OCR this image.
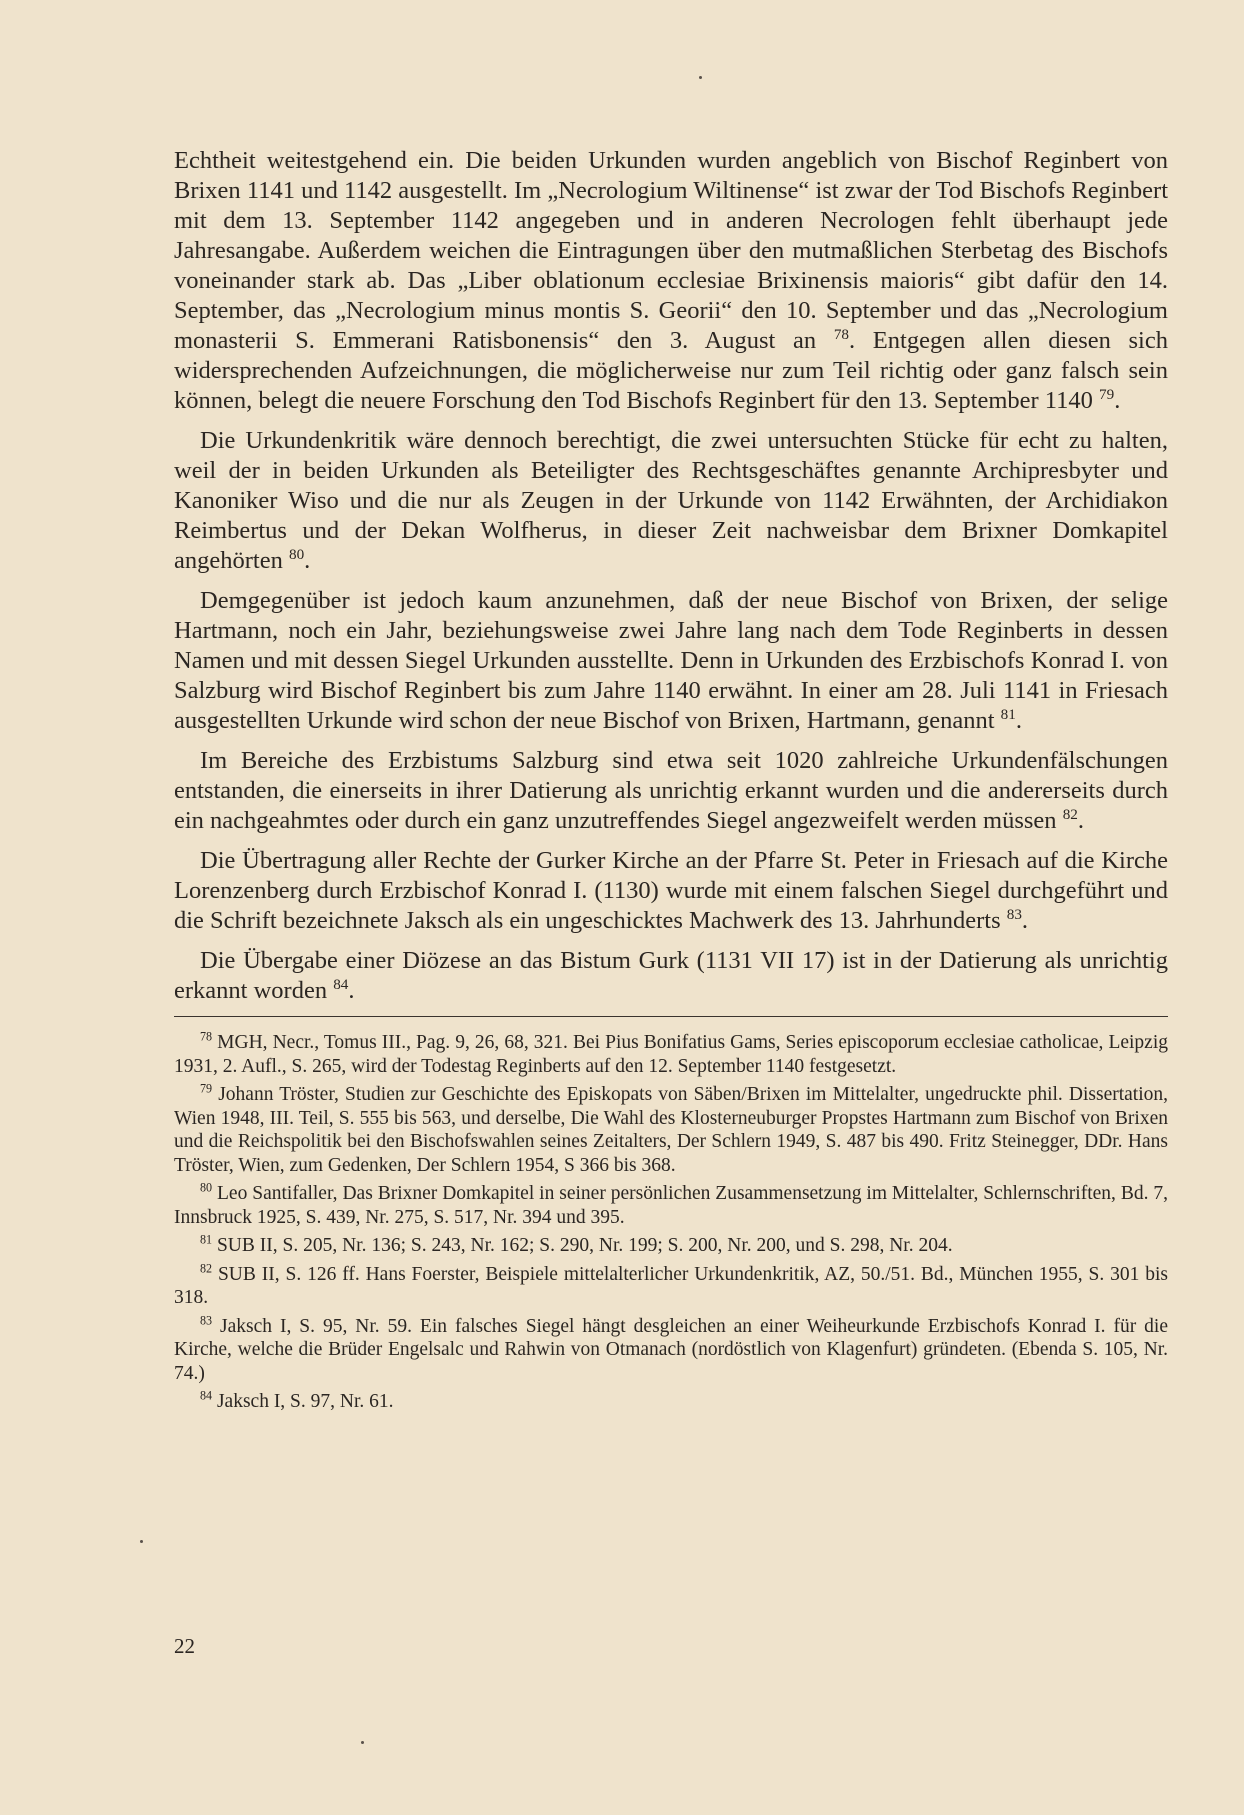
Echtheit weitestgehend ein. Die beiden Urkunden wurden angeblich von Bischof Reginbert von Brixen 1141 und 1142 ausgestellt. Im „Necrologium Wiltinense“ ist zwar der Tod Bischofs Reginbert mit dem 13. September 1142 angegeben und in anderen Necrologen fehlt überhaupt jede Jahresangabe. Außerdem weichen die Eintragungen über den mutmaßlichen Sterbetag des Bischofs voneinander stark ab. Das „Liber oblationum ecclesiae Brixinensis maioris“ gibt dafür den 14. September, das „Necrologium minus montis S. Georii“ den 10. September und das „Necrologium monasterii S. Emmerani Ratisbonensis“ den 3. August an $^{78}$. Entgegen allen diesen sich widersprechenden Aufzeichnungen, die möglicherweise nur zum Teil richtig oder ganz falsch sein können, belegt die neuere Forschung den Tod Bischofs Reginbert für den 13. September 1140 $^{79}$.

Die Urkundenkritik wäre dennoch berechtigt, die zwei untersuchten Stücke für echt zu halten, weil der in beiden Urkunden als Beteiligter des Rechtsgeschäftes genannte Archipresbyter und Kanoniker Wiso und die nur als Zeugen in der Urkunde von 1142 Erwähnten, der Archidiakon Reimbertus und der Dekan Wolfherus, in dieser Zeit nachweisbar dem Brixner Domkapitel angehörten $^{80}$.

Demgegenüber ist jedoch kaum anzunehmen, daß der neue Bischof von Brixen, der selige Hartmann, noch ein Jahr, beziehungsweise zwei Jahre lang nach dem Tode Reginberts in dessen Namen und mit dessen Siegel Urkunden ausstellte. Denn in Urkunden des Erzbischofs Konrad I. von Salzburg wird Bischof Reginbert bis zum Jahre 1140 erwähnt. In einer am 28. Juli 1141 in Friesach ausgestellten Urkunde wird schon der neue Bischof von Brixen, Hartmann, genannt $^{81}$.

Im Bereiche des Erzbistums Salzburg sind etwa seit 1020 zahlreiche Urkundenfälschungen entstanden, die einerseits in ihrer Datierung als unrichtig erkannt wurden und die andererseits durch ein nachgeahmtes oder durch ein ganz unzutreffendes Siegel angezweifelt werden müssen $^{82}$.

Die Übertragung aller Rechte der Gurker Kirche an der Pfarre St. Peter in Friesach auf die Kirche Lorenzenberg durch Erzbischof Konrad I. (1130) wurde mit einem falschen Siegel durchgeführt und die Schrift bezeichnete Jaksch als ein ungeschicktes Machwerk des 13. Jahrhunderts $^{83}$.

Die Übergabe einer Diözese an das Bistum Gurk (1131 VII 17) ist in der Datierung als unrichtig erkannt worden $^{84}$.

$^{78}$ MGH, Necr., Tomus III., Pag. 9, 26, 68, 321. Bei Pius Bonifatius Gams, Series episcoporum ecclesiae catholicae, Leipzig 1931, 2. Aufl., S. 265, wird der Todestag Reginberts auf den 12. September 1140 festgesetzt.

$^{79}$ Johann Tröster, Studien zur Geschichte des Episkopats von Säben/Brixen im Mittelalter, ungedruckte phil. Dissertation, Wien 1948, III. Teil, S. 555 bis 563, und derselbe, Die Wahl des Klosterneuburger Propstes Hartmann zum Bischof von Brixen und die Reichspolitik bei den Bischofswahlen seines Zeitalters, Der Schlern 1949, S. 487 bis 490. Fritz Steinegger, DDr. Hans Tröster, Wien, zum Gedenken, Der Schlern 1954, S 366 bis 368.

$^{80}$ Leo Santifaller, Das Brixner Domkapitel in seiner persönlichen Zusammensetzung im Mittelalter, Schlernschriften, Bd. 7, Innsbruck 1925, S. 439, Nr. 275, S. 517, Nr. 394 und 395.

$^{81}$ SUB II, S. 205, Nr. 136; S. 243, Nr. 162; S. 290, Nr. 199; S. 200, Nr. 200, und S. 298, Nr. 204.

$^{82}$ SUB II, S. 126 ff. Hans Foerster, Beispiele mittelalterlicher Urkundenkritik, AZ, 50./51. Bd., München 1955, S. 301 bis 318.

$^{83}$ Jaksch I, S. 95, Nr. 59. Ein falsches Siegel hängt desgleichen an einer Weiheurkunde Erzbischofs Konrad I. für die Kirche, welche die Brüder Engelsalc und Rahwin von Otmanach (nordöstlich von Klagenfurt) gründeten. (Ebenda S. 105, Nr. 74.)

$^{84}$ Jaksch I, S. 97, Nr. 61.

22
